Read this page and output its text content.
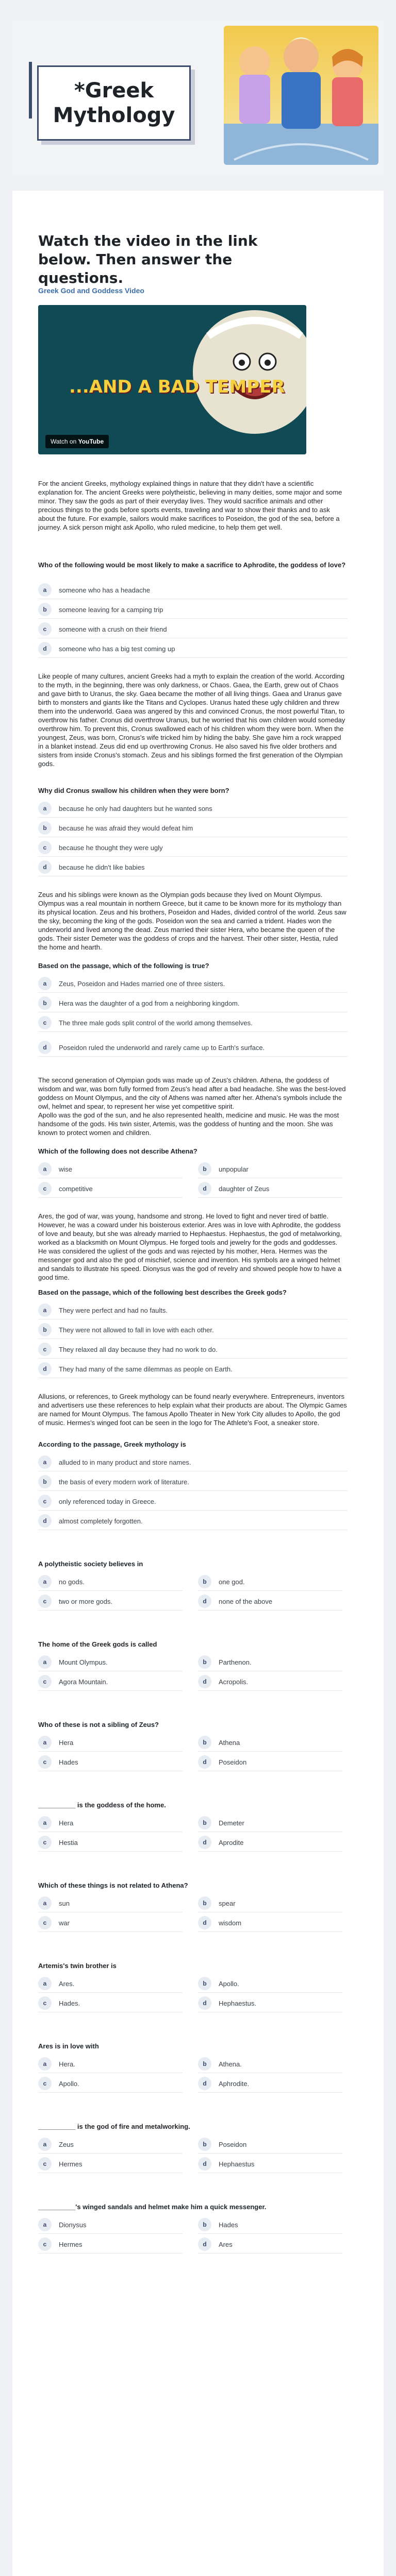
*Greek
Mythology
Watch the video in the link below. Then answer the questions.
Greek God and Goddess Video
...AND A BAD TEMPER
Watch on YouTube
For the ancient Greeks, mythology explained things in nature that they didn't have a scientific explanation for. The ancient Greeks were polytheistic, believing in many deities, some major and some minor. They saw the gods as part of their everyday lives. They would sacrifice animals and other precious things to the gods before sports events, traveling and war to show their thanks and to ask about the future. For example, sailors would make sacrifices to Poseidon, the god of the sea, before a journey. A sick person might ask Apollo, who ruled medicine, to help them get well.
Who of the following would be most likely to make a sacrifice to Aphrodite, the goddess of love?
a	someone who has a headache
b	someone leaving for a camping trip
c	someone with a crush on their friend
d	someone who has a big test coming up
Like people of many cultures, ancient Greeks had a myth to explain the creation of the world. According to the myth, in the beginning, there was only darkness, or Chaos. Gaea, the Earth, grew out of Chaos and gave birth to Uranus, the sky. Gaea became the mother of all living things. Gaea and Uranus gave birth to monsters and giants like the Titans and Cyclopes. Uranus hated these ugly children and threw them into the underworld. Gaea was angered by this and convinced Cronus, the most powerful Titan, to overthrow his father. Cronus did overthrow Uranus, but he worried that his own children would someday overthrow him. To prevent this, Cronus swallowed each of his children whom they were born. When the youngest, Zeus, was born, Cronus's wife tricked him by hiding the baby. She gave him a rock wrapped in a blanket instead. Zeus did end up overthrowing Cronus. He also saved his five older brothers and sisters from inside Cronus's stomach. Zeus and his siblings formed the first generation of the Olympian gods.
Why did Cronus swallow his children when they were born?
a	because he only had daughters but he wanted sons
b	because he was afraid they would defeat him
c	because he thought they were ugly
d	because he didn't like babies
Zeus and his siblings were known as the Olympian gods because they lived on Mount Olympus. Olympus was a real mountain in northern Greece, but it came to be known more for its mythology than its physical location. Zeus and his brothers, Poseidon and Hades, divided control of the world. Zeus saw the sky, becoming the king of the gods. Poseidon won the sea and carried a trident. Hades won the underworld and lived among the dead. Zeus married their sister Hera, who became the queen of the gods. Their sister Demeter was the goddess of crops and the harvest. Their other sister, Hestia, ruled the home and hearth.
Based on the passage, which of the following is true?
a	Zeus, Poseidon and Hades married one of three sisters.
b	Hera was the daughter of a god from a neighboring kingdom.
c	The three male gods split control of the world among themselves.
d	Poseidon ruled the underworld and rarely came up to Earth's surface.
The second generation of Olympian gods was made up of Zeus's children. Athena, the goddess of wisdom and war, was born fully formed from Zeus's head after a bad headache. She was the best-loved goddess on Mount Olympus, and the city of Athens was named after her. Athena's symbols include the owl, helmet and spear, to represent her wise yet competitive spirit.
Apollo was the god of the sun, and he also represented health, medicine and music. He was the most handsome of the gods. His twin sister, Artemis, was the goddess of hunting and the moon. She was known to protect women and children.
Which of the following does not describe Athena?
a	wise	b	unpopular
c	competitive	d	daughter of Zeus
Ares, the god of war, was young, handsome and strong. He loved to fight and never tired of battle. However, he was a coward under his boisterous exterior. Ares was in love with Aphrodite, the goddess of love and beauty, but she was already married to Hephaestus. Hephaestus, the god of metalworking, worked as a blacksmith on Mount Olympus. He forged tools and jewelry for the gods and goddesses. He was considered the ugliest of the gods and was rejected by his mother, Hera. Hermes was the messenger god and also the god of mischief, science and invention. His symbols are a winged helmet and sandals to illustrate his speed. Dionysus was the god of revelry and showed people how to have a good time.
Based on the passage, which of the following best describes the Greek gods?
a	They were perfect and had no faults.
b	They were not allowed to fall in love with each other.
c	They relaxed all day because they had no work to do.
d	They had many of the same dilemmas as people on Earth.
Allusions, or references, to Greek mythology can be found nearly everywhere. Entrepreneurs, inventors and advertisers use these references to help explain what their products are about. The Olympic Games are named for Mount Olympus. The famous Apollo Theater in New York City alludes to Apollo, the god of music. Hermes's winged foot can be seen in the logo for The Athlete's Foot, a sneaker store.
According to the passage, Greek mythology is
a	alluded to in many product and store names.
b	the basis of every modern work of literature.
c	only referenced today in Greece.
d	almost completely forgotten.
A polytheistic society believes in
a	no gods.	b	one god.
c	two or more gods.	d	none of the above
The home of the Greek gods is called
a	Mount Olympus.	b	Parthenon.
c	Agora Mountain.	d	Acropolis.
Who of these is not a sibling of Zeus?
a	Hera	b	Athena
c	Hades	d	Poseidon
__________ is the goddess of the home.
a	Hera	b	Demeter
c	Hestia	d	Aprodite
Which of these things is not related to Athena?
a	sun	b	spear
c	war	d	wisdom
Artemis's twin brother is
a	Ares.	b	Apollo.
c	Hades.	d	Hephaestus.
Ares is in love with
a	Hera.	b	Athena.
c	Apollo.	d	Aphrodite.
__________ is the god of fire and metalworking.
a	Zeus	b	Poseidon
c	Hermes	d	Hephaestus
__________'s winged sandals and helmet make him a quick messenger.
a	Dionysus	b	Hades
c	Hermes	d	Ares
